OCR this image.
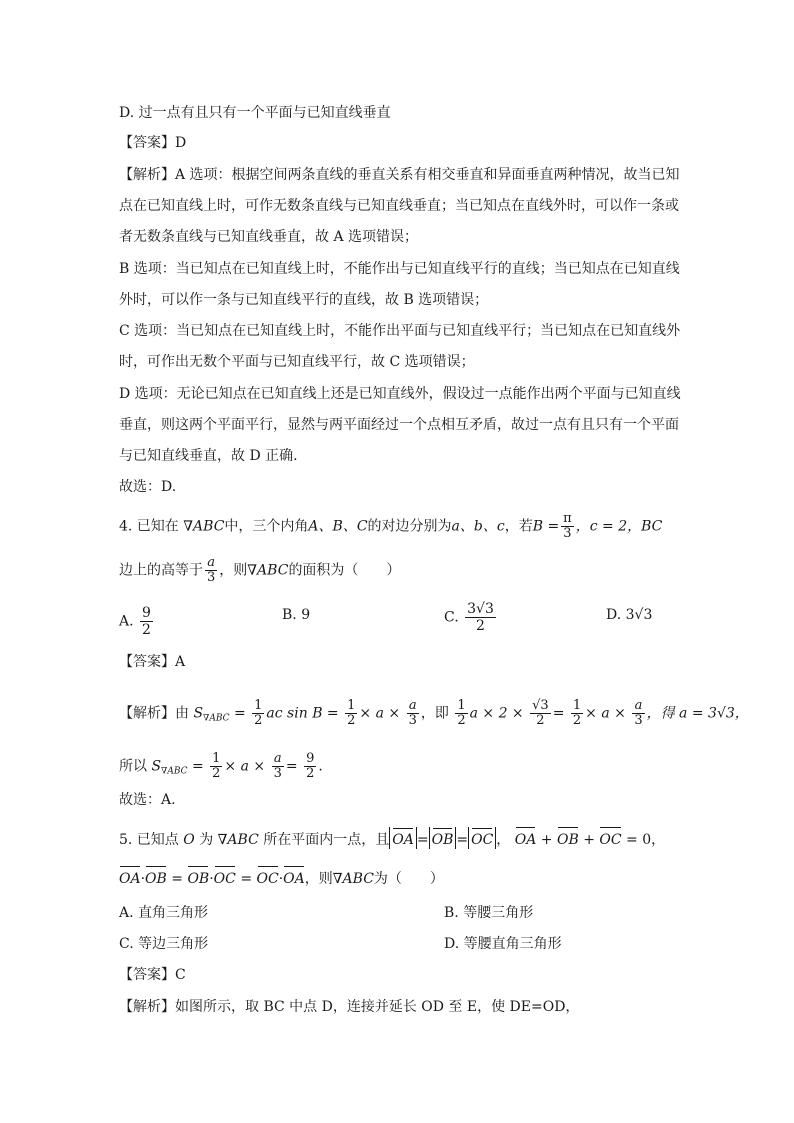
D. 过一点有且只有一个平面与已知直线垂直
【答案】D
【解析】A 选项：根据空间两条直线的垂直关系有相交垂直和异面垂直两种情况，故当已知
点在已知直线上时，可作无数条直线与已知直线垂直；当已知点在直线外时，可以作一条或
者无数条直线与已知直线垂直，故 A 选项错误；
B 选项：当已知点在已知直线上时，不能作出与已知直线平行的直线；当已知点在已知直线
外时，可以作一条与已知直线平行的直线，故 B 选项错误；
C 选项：当已知点在已知直线上时，不能作出平面与已知直线平行；当已知点在已知直线外
时，可作出无数个平面与已知直线平行，故 C 选项错误；
D 选项：无论已知点在已知直线上还是已知直线外，假设过一点能作出两个平面与已知直线
垂直，则这两个平面平行，显然与两平面经过一个点相互矛盾，故过一点有且只有一个平面
与已知直线垂直，故 D 正确.
故选：D.
4. 已知在 ∇ABC中，三个内角A、B、C的对边分别为a、b、c，若$B = \frac{\pi}{3}$ ，c = 2，BC
边上的高等于 $\frac{a}{3}$ ，则∇ABC的面积为（　　）
A. $\frac{9}{2}$	B. 9	C. $\frac{3√3}{2}$	D. 3√3
【答案】A
【解析】由 $S_{\nabla ABC} = \frac{1}{2}$ ac $\sin B = \frac{1}{2} \times a \times \frac{a}{3}$ ，即 $\frac{1}{2}$ $a \times 2 \times \frac{√3}{2} = \frac{1}{2} \times a \times \frac{a}{3}$ ，得 a = 3√3，
所以 $S_{\nabla ABC} = \frac{1}{2} \times a \times \frac{a}{3} = \frac{9}{2}$ .
故选：A.
5. 已知点 O 为 ∇ABC 所在平面内一点，且 OA = OB = OC ， OA + OB + OC = 0，
OA·OB = OB·OC = OC·OA，则∇ABC为（　　）
A. 直角三角形	B. 等腰三角形
C. 等边三角形	D. 等腰直角三角形
【答案】C
【解析】如图所示，取 BC 中点 D，连接并延长 OD 至 E，使 DE=OD，
